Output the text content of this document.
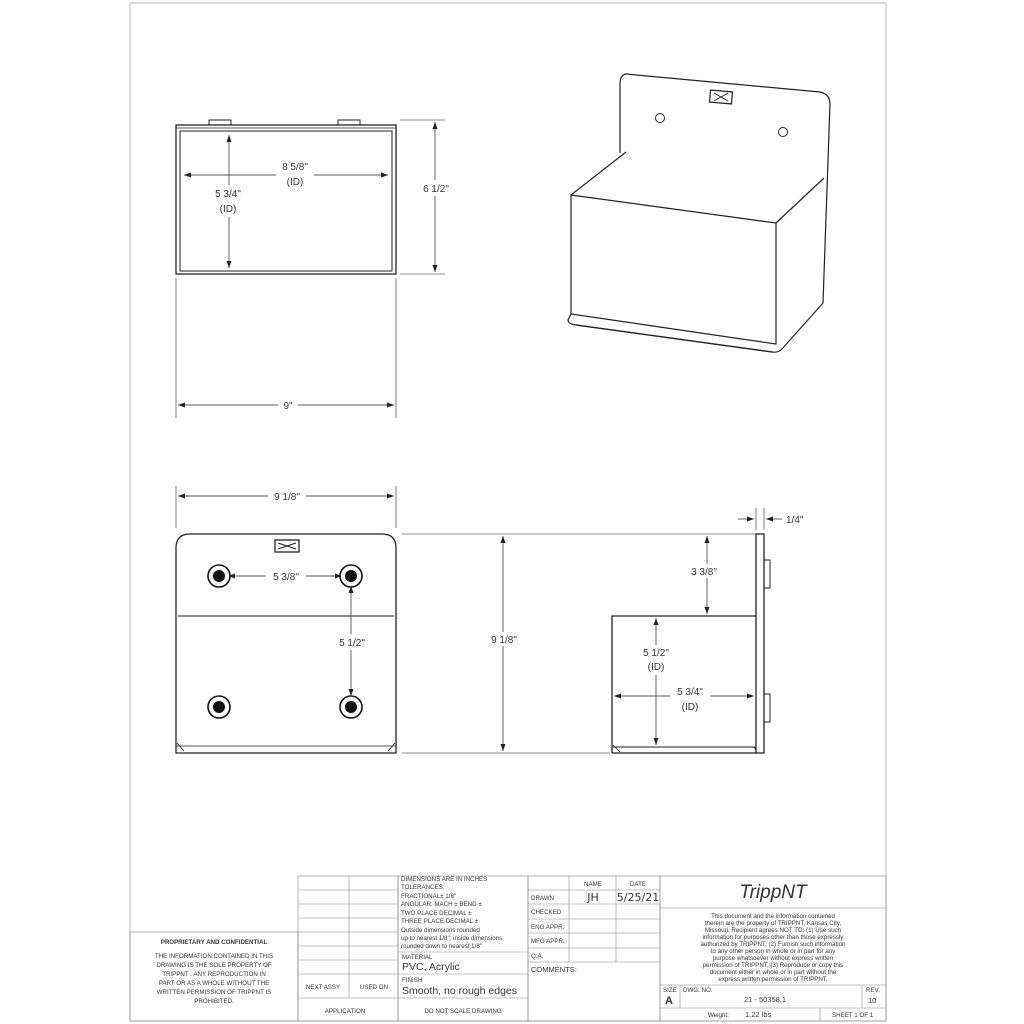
8 5/8"
(ID)
5 3/4"
(ID)
6 1/2"
9"
9 1/8"
5 3/8"
5 1/2"	9 1/8"
1/4"
3 3/8"
5 1/2"
(ID)
5 3/4"
(ID)
PROPRIETARY AND CONFIDENTIAL
THE INFORMATION CONTAINED IN THIS
DRAWING IS THE SOLE PROPERTY OF
TRIPPNT . ANY REPRODUCTION IN
PART OR AS A WHOLE WITHOUT THE
WRITTEN PERMISSION OF TRIPPNT IS
PROHIBITED.
NEXT ASSY	USED ON
APPLICATION
DIMENSIONS ARE IN INCHES
TOLERANCES:
FRACTIONAL± 1/8"
ANGULAR: MACH ± BEND ±
TWO PLACE DECIMAL ±
THREE PLACE DECIMAL ±
Outside dimensions rounded
up to nearest 1/8"; inside dimensions
rounded down to nearest 1/8"
MATERIAL
PVC, Acrylic
FINISH
Smooth, no rough edges
DO NOT SCALE DRAWING
NAME	DATE
DRAWN	JH 5/25/21
CHECKED
ENG APPR.
MFG APPR.
Q.A.
COMMENTS:
TrippNT
This document and the information contained
therein are the property of TRIPPNT, Kansas City,
Missouri. Recipient agrees NOT TO: (1) Use such
information for purposes other than those expressly
authorized by TRIPPNT, (2) Furnish such information
to any other person in whole or in part for any
purpose whatsoever without express written
permission of TRIPPNT, (3) Reproduce or copy this
document either in whole or in part without the
express written permission of TRIPPNT.
SIZE
A
DWG. NO.
21 - 50358.1
REV.
10
Weight: 1.22 lbs	SHEET 1 OF 1
